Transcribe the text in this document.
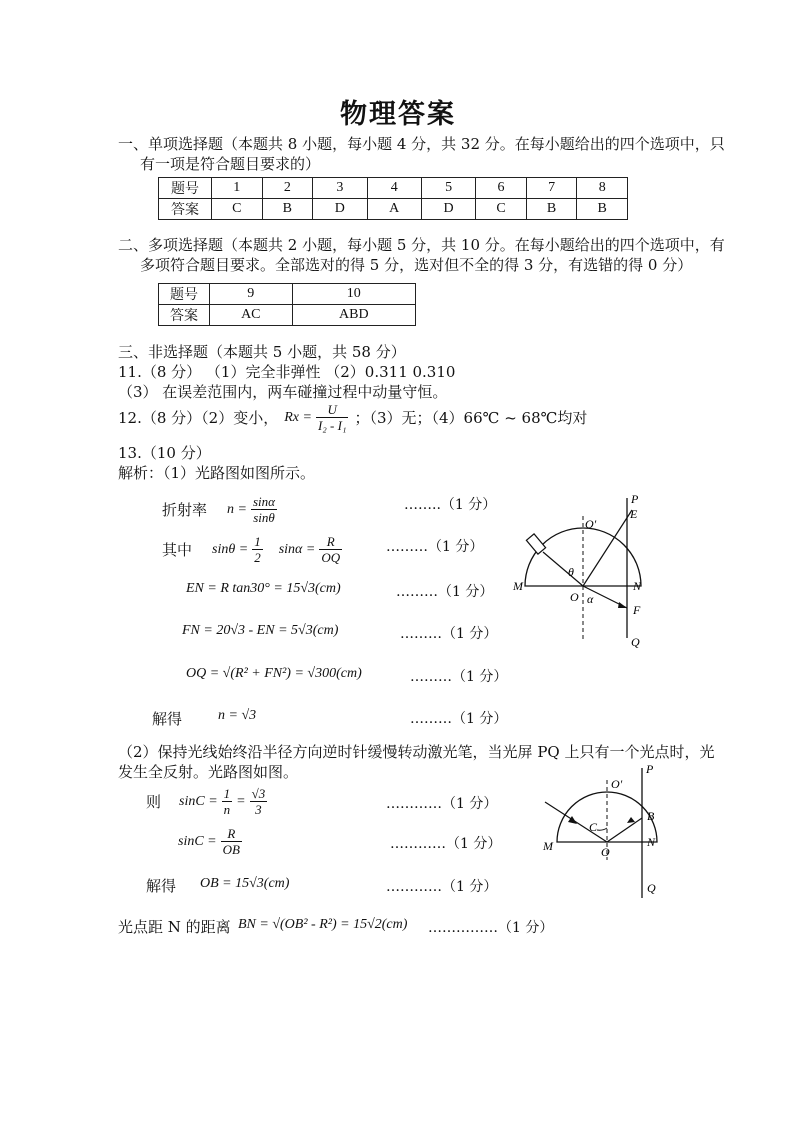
物理答案
一、单项选择题（本题共 8 小题，每小题 4 分，共 32 分。在每小题给出的四个选项中，只
有一项是符合题目要求的）
题号	1	2	3	4	5	6	7	8
答案	C	B	D	A	D	C	B	B
二、多项选择题（本题共 2 小题，每小题 5 分，共 10 分。在每小题给出的四个选项中，有
多项符合题目要求。全部选对的得 5 分，选对但不全的得 3 分，有选错的得 0 分）
题号	9	10
答案	AC	ABD
三、非选择题（本题共 5 小题，共 58 分）
11.（8 分） （1）完全非弹性 （2）0.311 0.310
（3） 在误差范围内，两车碰撞过程中动量守恒。
12.（8 分）（2）变小， $Rx = \frac{U}{\text{I₂ - I₁}}$ ；（3）无；（4）66℃ ~ 68℃均对
13.（10 分）
解析：（1）光路图如图所示。
折射率 $n = \frac{\sin\alpha}{\sin\theta}$	……..（1 分）
其中 $\sin\theta = \frac{1}{2}$ $\sin\alpha = \frac{R}{OQ}$	………（1 分）
EN = R tan30° = 15√3(cm)	………（1 分）
FN = 20√3 - EN = 5√3(cm)	………（1 分）
OQ = √(R² + FN²) = √300(cm)	………（1 分）
解得	n = √3	………（1 分）
P
E
O'
θ
M
O α
N
F
Q
（2）保持光线始终沿半径方向逆时针缓慢转动激光笔，当光屏 PQ 上只有一个光点时，光
发生全反射。光路图如图。
则 $\sin C = \frac{1}{n} = \frac{√3}{3}$	…………（1 分）
$\sin C = \frac{R}{OB}$	…………（1 分）
解得 OB = 15√3(cm)	…………（1 分）
P
O'
B
C
M	O
N
Q
光点距 N 的距离 BN = √(OB² - R²) = 15√2(cm) ……………（1 分）
